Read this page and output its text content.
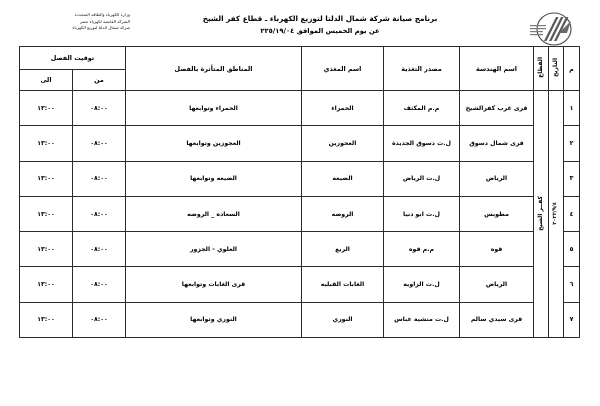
وزارة الكهرباء والطاقة المتجددة
الشركة القابضة لكهرباء مصر
شركة شمال الدلتا لتوزيع الكهرباء
برنامج صيانة شركة شمال الدلتا لتوزيع الكهرباء ـ قطاع كفر الشيخ
عن يوم الخميس الموافق ٢٢٥/١٩/٠٤
م	التاريخ	القطاع	اسم الهندسة	مصدر التغذية	اسم المغذي	المناطق المتأثرة بالفصل	توقيت الفصل	
							من	الى
١	٢٠٢٢/٩/٤	كفــر الشيخ	قرى غرب كفرالشيخ	م.م المكثف	الحمراء	الحمراء وتوابعها	٠٨:٠٠	١٣:٠٠
٢			قرى شمال دسوق	ل.ت دسوق الجديدة	العجوزين	العجوزين وتوابعها	٠٨:٠٠	١٣:٠٠
٣			الرياض	ل.ت الرياض	الضيعه	الضيعه وتوابعها	٠٨:٠٠	١٣:٠٠
٤			مطوبس	ل.ت ابو دنيا	الروضه	السعاده _ الروضه	٠٨:٠٠	١٣:٠٠
٥			قوه	م.م قوه	الربع	العلوي - الجزور	٠٨:٠٠	١٣:٠٠
٦			الرياض	ل.ت الزاويه	الغابات القبليه	قرى الغابات وتوابعها	٠٨:٠٠	١٣:٠٠
٧			قرى سيدي سالم	ل.ت منشية عباس	النوري	النوري وتوابعها	٠٨:٠٠	١٣:٠٠
